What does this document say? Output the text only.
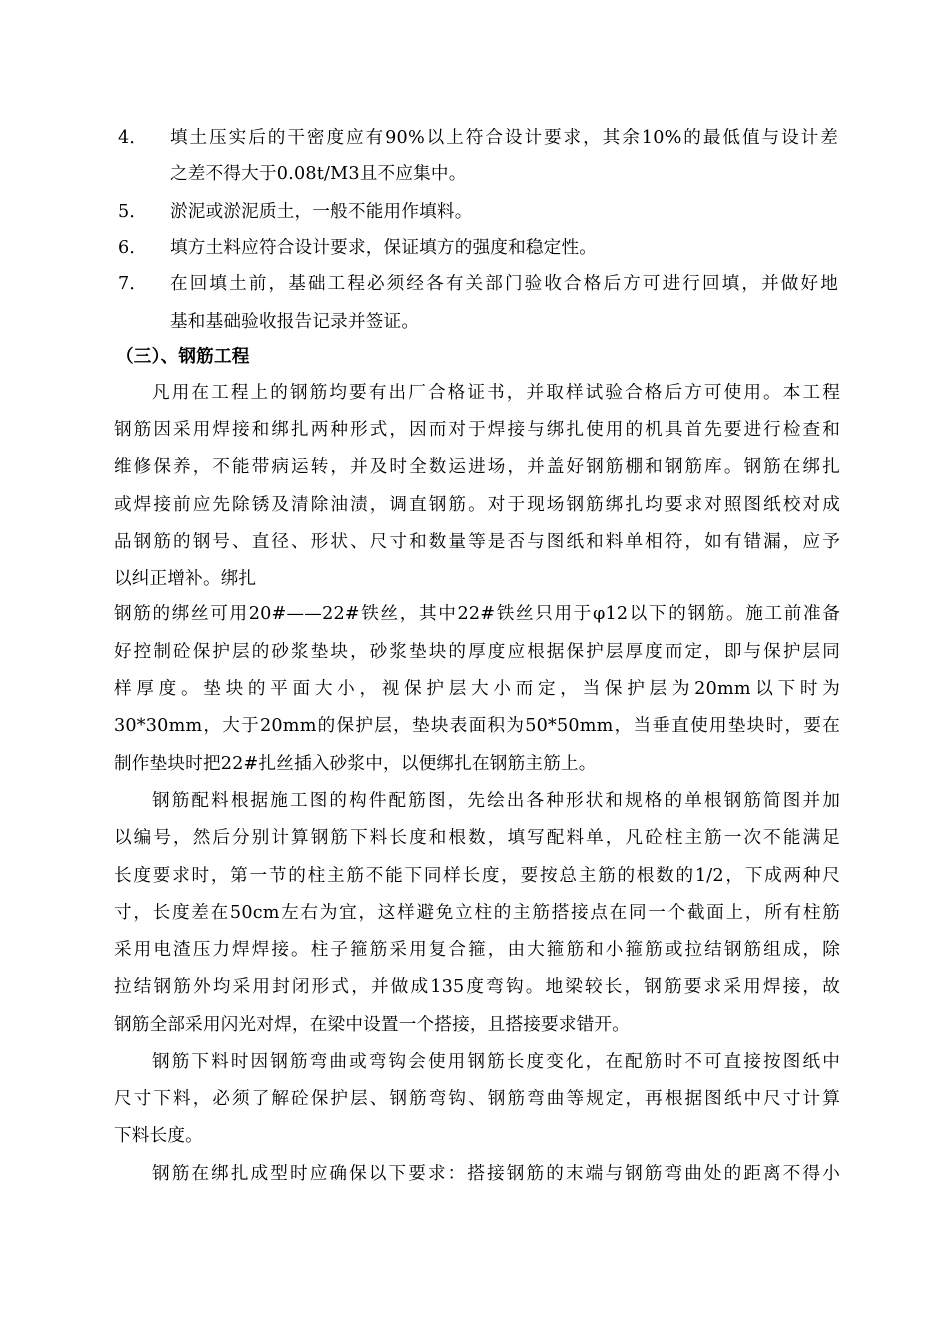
4．	填土压实后的干密度应有90%以上符合设计要求，其余10%的最低值与设计差
之差不得大于0.08t/M3且不应集中。
5．	淤泥或淤泥质土，一般不能用作填料。
6．	填方土料应符合设计要求，保证填方的强度和稳定性。
7．	在回填土前，基础工程必须经各有关部门验收合格后方可进行回填，并做好地
基和基础验收报告记录并签证。
（三）、钢筋工程
凡用在工程上的钢筋均要有出厂合格证书，并取样试验合格后方可使用。本工程
钢筋因采用焊接和绑扎两种形式，因而对于焊接与绑扎使用的机具首先要进行检查和
维修保养，不能带病运转，并及时全数运进场，并盖好钢筋棚和钢筋库。钢筋在绑扎
或焊接前应先除锈及清除油渍，调直钢筋。对于现场钢筋绑扎均要求对照图纸校对成
品钢筋的钢号、直径、形状、尺寸和数量等是否与图纸和料单相符，如有错漏，应予
以纠正增补。绑扎
钢筋的绑丝可用20#——22#铁丝，其中22#铁丝只用于φ12以下的钢筋。施工前准备
好控制砼保护层的砂浆垫块，砂浆垫块的厚度应根据保护层厚度而定，即与保护层同
样厚度。垫块的平面大小，视保护层大小而定，当保护层为20mm以下时为
30*30mm，大于20mm的保护层，垫块表面积为50*50mm，当垂直使用垫块时，要在
制作垫块时把22#扎丝插入砂浆中，以便绑扎在钢筋主筋上。
钢筋配料根据施工图的构件配筋图，先绘出各种形状和规格的单根钢筋简图并加
以编号，然后分别计算钢筋下料长度和根数，填写配料单，凡砼柱主筋一次不能满足
长度要求时，第一节的柱主筋不能下同样长度，要按总主筋的根数的1/2，下成两种尺
寸，长度差在50cm左右为宜，这样避免立柱的主筋搭接点在同一个截面上，所有柱筋
采用电渣压力焊焊接。柱子箍筋采用复合箍，由大箍筋和小箍筋或拉结钢筋组成，除
拉结钢筋外均采用封闭形式，并做成135度弯钩。地梁较长，钢筋要求采用焊接，故
钢筋全部采用闪光对焊，在梁中设置一个搭接，且搭接要求错开。
钢筋下料时因钢筋弯曲或弯钩会使用钢筋长度变化，在配筋时不可直接按图纸中
尺寸下料，必须了解砼保护层、钢筋弯钩、钢筋弯曲等规定，再根据图纸中尺寸计算
下料长度。
钢筋在绑扎成型时应确保以下要求：搭接钢筋的末端与钢筋弯曲处的距离不得小
